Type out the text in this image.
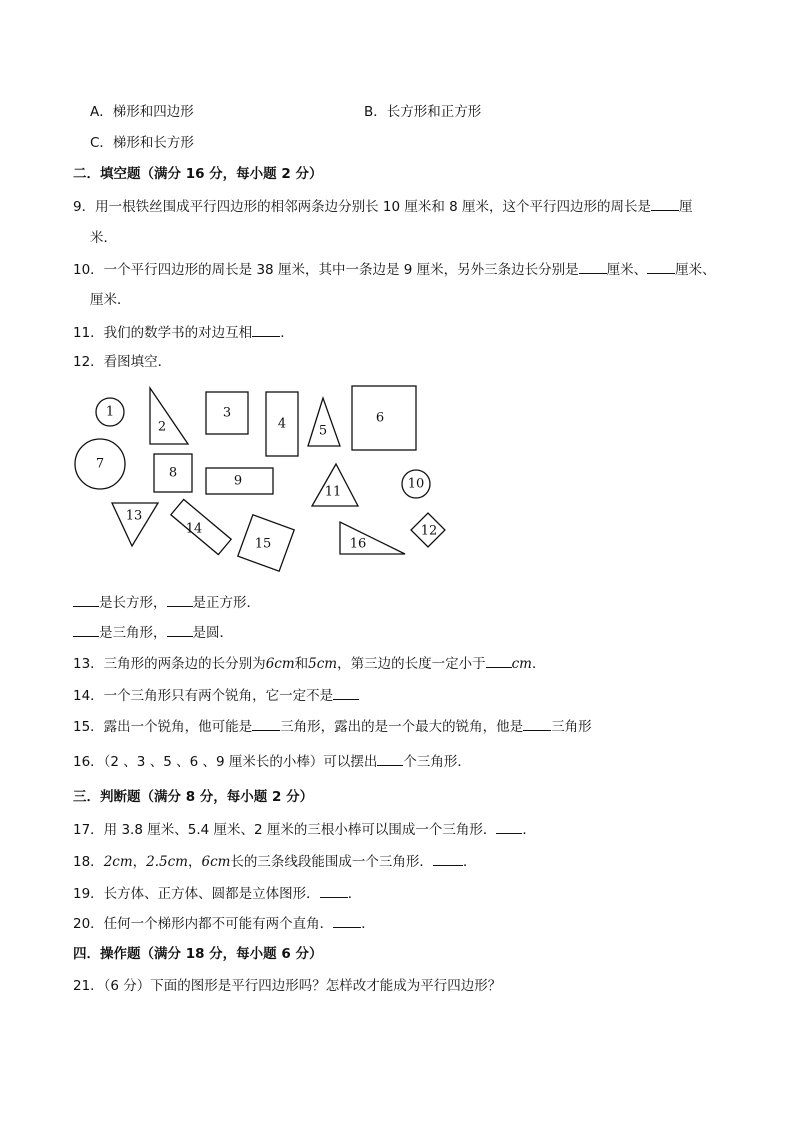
A．梯形和四边形	B．长方形和正方形
C．梯形和长方形
二．填空题（满分 16 分，每小题 2 分）
9．用一根铁丝围成平行四边形的相邻两条边分别长 10 厘米和 8 厘米，这个平行四边形的周长是 厘
米．
10．一个平行四边形的周长是 38 厘米，其中一条边是 9 厘米，另外三条边长分别是 厘米、 厘米、
厘米．
11．我们的数学书的对边互相 ．
12．看图填空．
1
2
3
4	5
6
7
8
9
11
10
13
14
15	16
12
是长方形， 是正方形．
是三角形， 是圆．
13．三角形的两条边的长分别为6cm和5cm，第三边的长度一定小于 cm．
14．一个三角形只有两个锐角，它一定不是
15．露出一个锐角，他可能是 三角形，露出的是一个最大的锐角，他是 三角形
16．（2 、3 、5 、6 、9 厘米长的小棒）可以摆出 个三角形．
三．判断题（满分 8 分，每小题 2 分）
17．用 3.8 厘米、5.4 厘米、2 厘米的三根小棒可以围成一个三角形． ．
18．2cm，2.5cm，6cm长的三条线段能围成一个三角形． ．
19．长方体、正方体、圆都是立体图形． ．
20．任何一个梯形内都不可能有两个直角． ．
四．操作题（满分 18 分，每小题 6 分）
21．（6 分）下面的图形是平行四边形吗？怎样改才能成为平行四边形？
